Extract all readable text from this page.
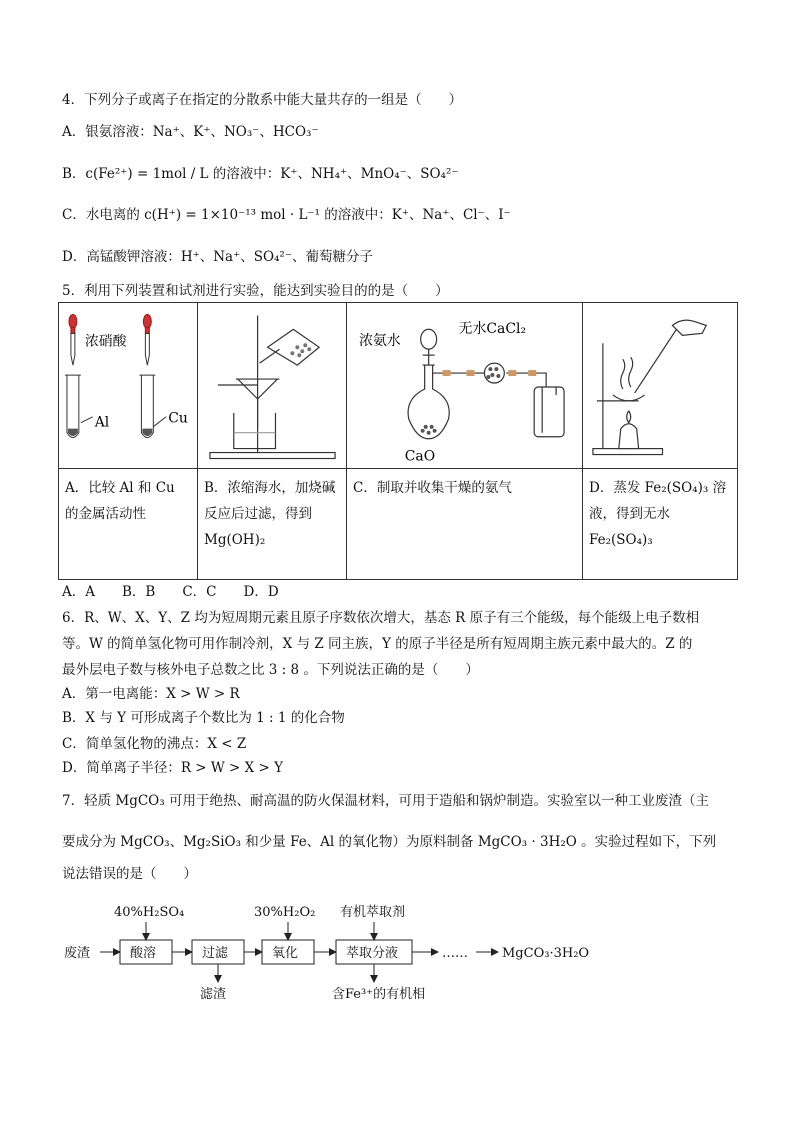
4．下列分子或离子在指定的分散系中能大量共存的一组是（　　）
A．银氨溶液：Na⁺、K⁺、NO₃⁻、HCO₃⁻
B．c(Fe²⁺) = 1mol / L 的溶液中：K⁺、NH₄⁺、MnO₄⁻、SO₄²⁻
C．水电离的 c(H⁺) = 1×10⁻¹³ mol · L⁻¹ 的溶液中：K⁺、Na⁺、Cl⁻、I⁻
D．高锰酸钾溶液：H⁺、Na⁺、SO₄²⁻、葡萄糖分子
5．利用下列装置和试剂进行实验，能达到实验目的的是（　　）
浓硝酸
Al Cu		浓氨水
无水CaCl₂
CaO

A．比较 Al 和 Cu 的金属活动性	B．浓缩海水，加烧碱反应后过滤，得到 Mg(OH)₂	C．制取并收集干燥的氨气	D．蒸发 Fe₂(SO₄)₃ 溶液，得到无水 Fe₂(SO₄)₃
A．A　　B．B　　C．C　　D．D
6．R、W、X、Y、Z 均为短周期元素且原子序数依次增大，基态 R 原子有三个能级，每个能级上电子数相
等。W 的简单氢化物可用作制冷剂，X 与 Z 同主族，Y 的原子半径是所有短周期主族元素中最大的。Z 的
最外层电子数与核外电子总数之比 3 : 8 。下列说法正确的是（　　）
A．第一电离能：X > W > R
B．X 与 Y 可形成离子个数比为 1 : 1 的化合物
C．简单氢化物的沸点：X < Z
D．简单离子半径：R > W > X > Y
7．轻质 MgCO₃ 可用于绝热、耐高温的防火保温材料，可用于造船和锅炉制造。实验室以一种工业废渣（主
要成分为 MgCO₃、Mg₂SiO₃ 和少量 Fe、Al 的氧化物）为原料制备 MgCO₃ · 3H₂O 。实验过程如下，下列
说法错误的是（　　）
废渣	酸溶	过滤	氧化	萃取分液
40%H₂SO₄	30%H₂O₂ 有机萃取剂
滤渣	含Fe³⁺的有机相
……	MgCO₃·3H₂O
